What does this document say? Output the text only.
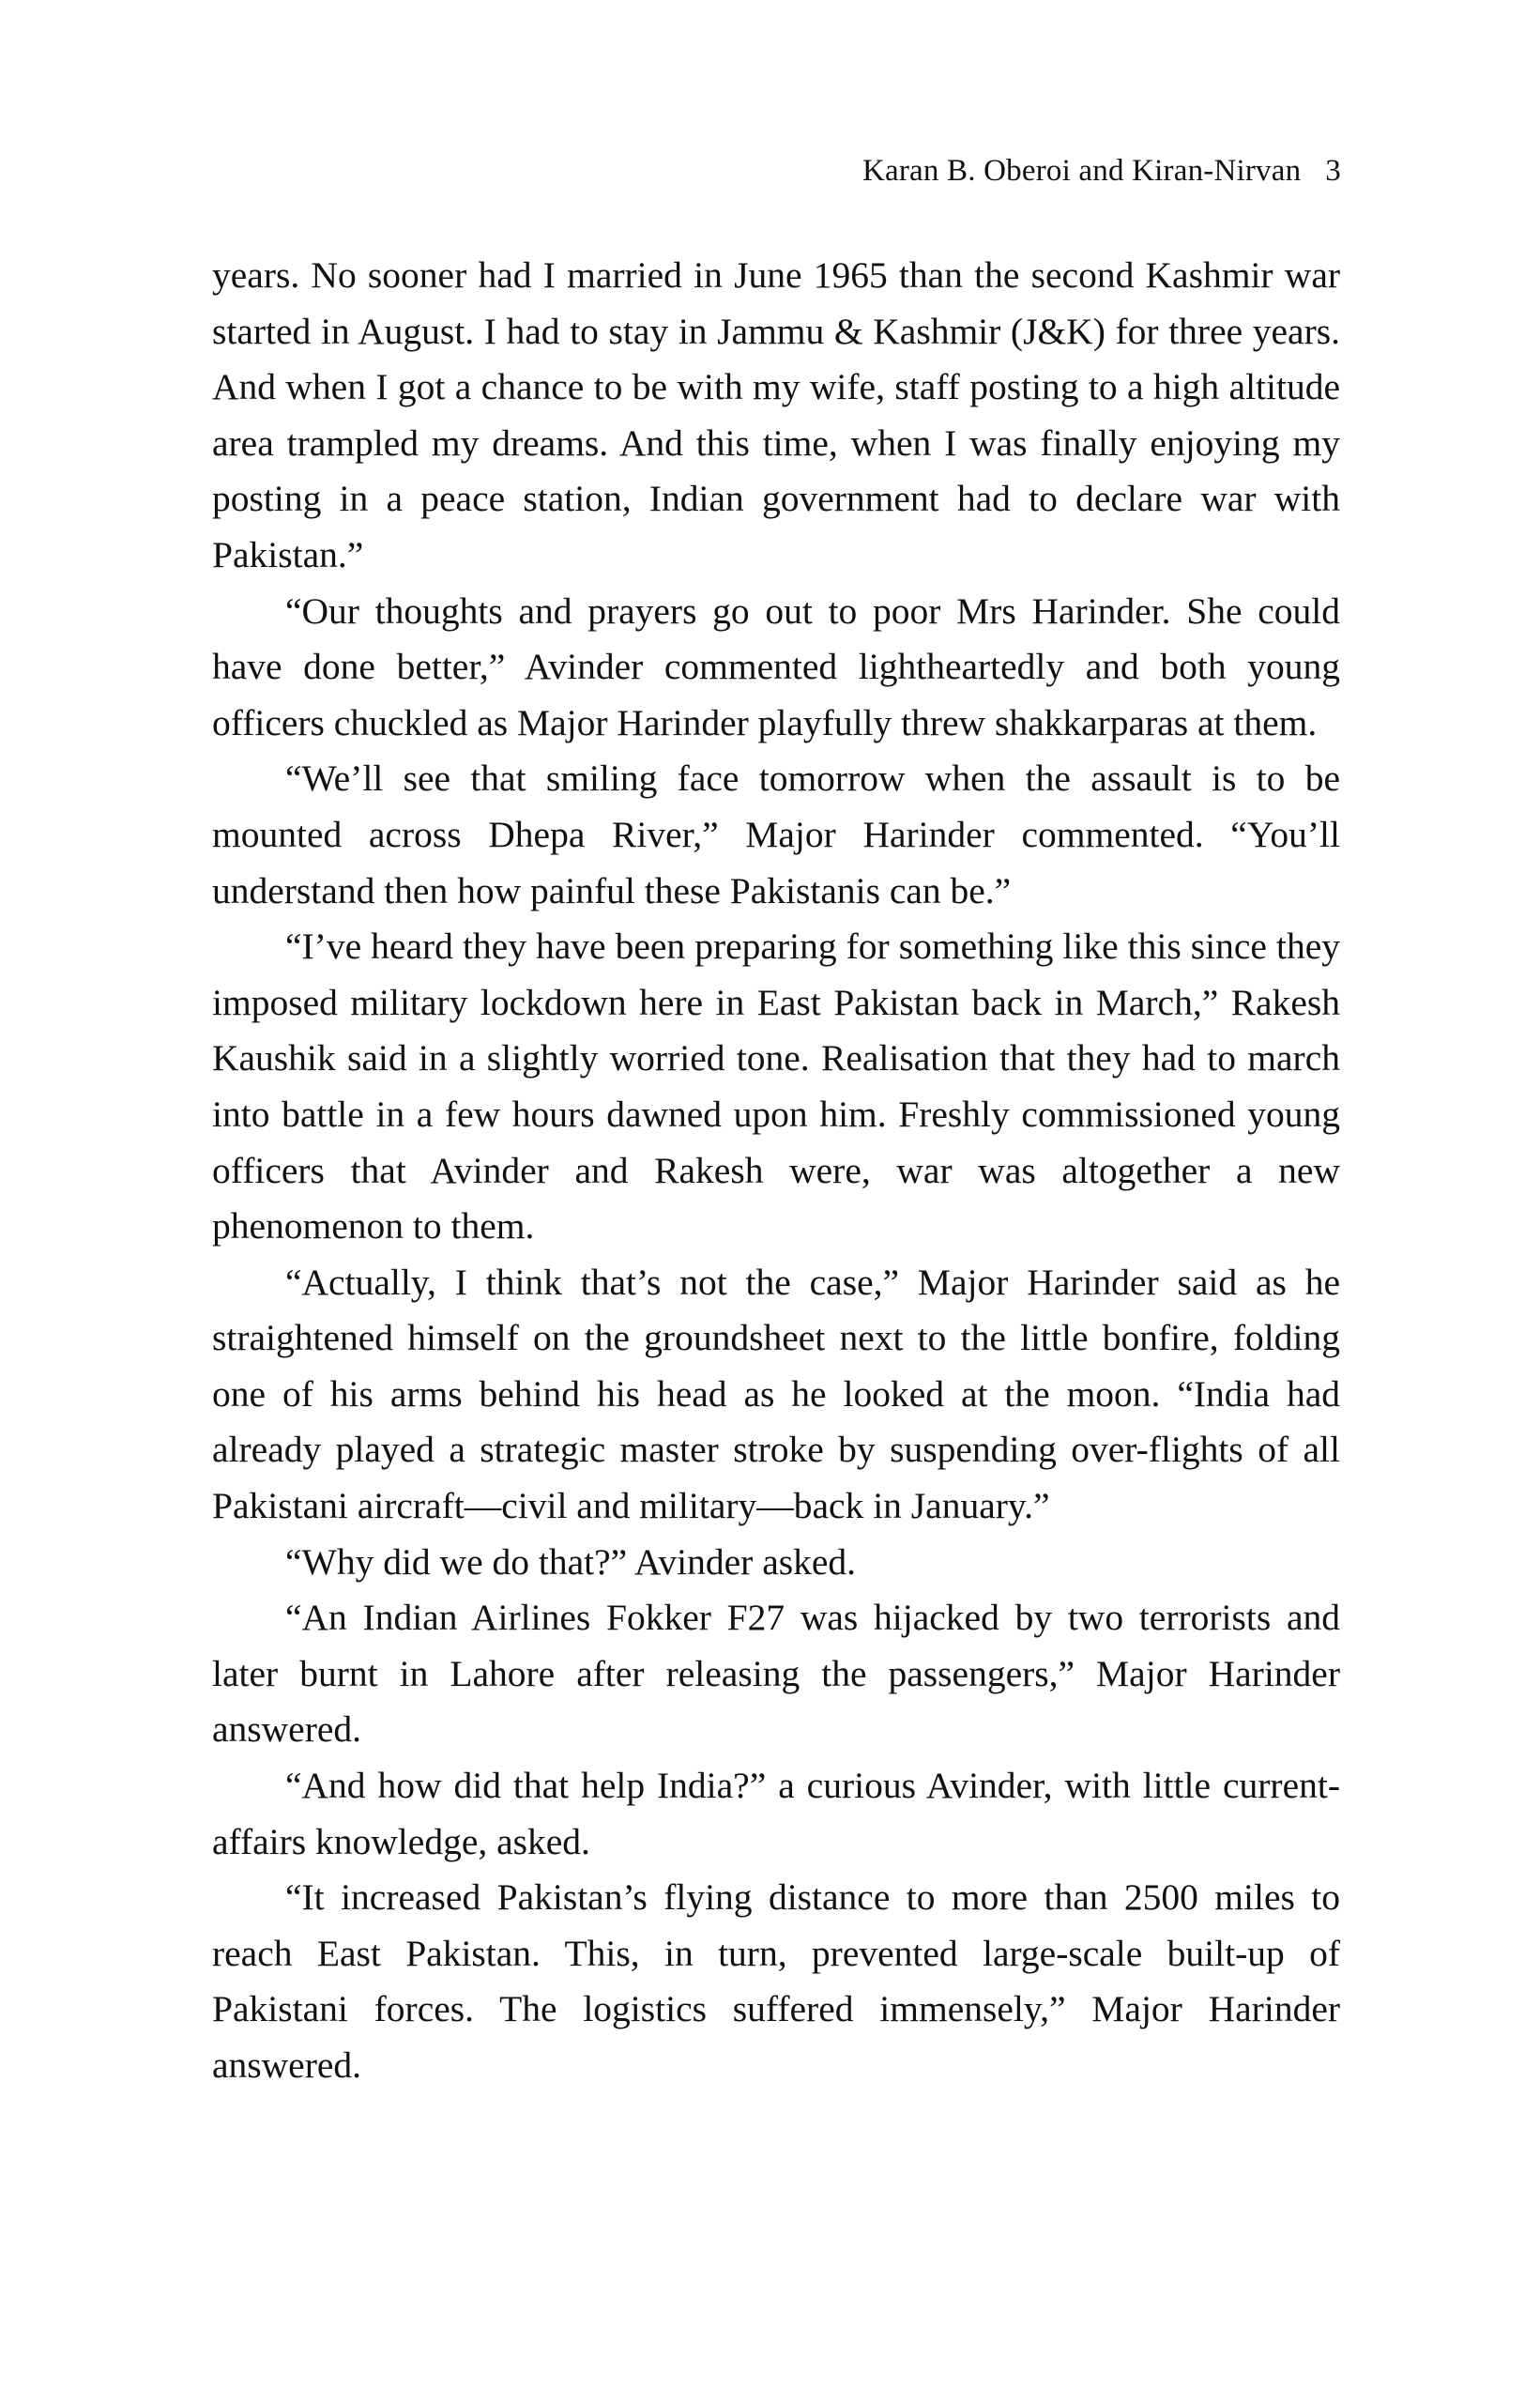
Karan B. Oberoi and Kiran-Nirvan 3

years. No sooner had I married in June 1965 than the second Kashmir war started in August. I had to stay in Jammu & Kashmir (J&K) for three years. And when I got a chance to be with my wife, staff posting to a high altitude area trampled my dreams. And this time, when I was finally enjoying my posting in a peace station, Indian government had to declare war with Pakistan.”

“Our thoughts and prayers go out to poor Mrs Harinder. She could have done better,” Avinder commented lightheartedly and both young officers chuckled as Major Harinder playfully threw shakkarparas at them.

“We’ll see that smiling face tomorrow when the assault is to be mounted across Dhepa River,” Major Harinder commented. “You’ll understand then how painful these Pakistanis can be.”

“I’ve heard they have been preparing for something like this since they imposed military lockdown here in East Pakistan back in March,” Rakesh Kaushik said in a slightly worried tone. Realisation that they had to march into battle in a few hours dawned upon him. Freshly commissioned young officers that Avinder and Rakesh were, war was altogether a new phenomenon to them.

“Actually, I think that’s not the case,” Major Harinder said as he straightened himself on the groundsheet next to the little bonfire, folding one of his arms behind his head as he looked at the moon. “India had already played a strategic master stroke by suspending over-flights of all Pakistani aircraft—civil and military—back in January.”

“Why did we do that?” Avinder asked.

“An Indian Airlines Fokker F27 was hijacked by two terrorists and later burnt in Lahore after releasing the passengers,” Major Harinder answered.

“And how did that help India?” a curious Avinder, with little current-affairs knowledge, asked.

“It increased Pakistan’s flying distance to more than 2500 miles to reach East Pakistan. This, in turn, prevented large-scale built-up of Pakistani forces. The logistics suffered immensely,” Major Harinder answered.
